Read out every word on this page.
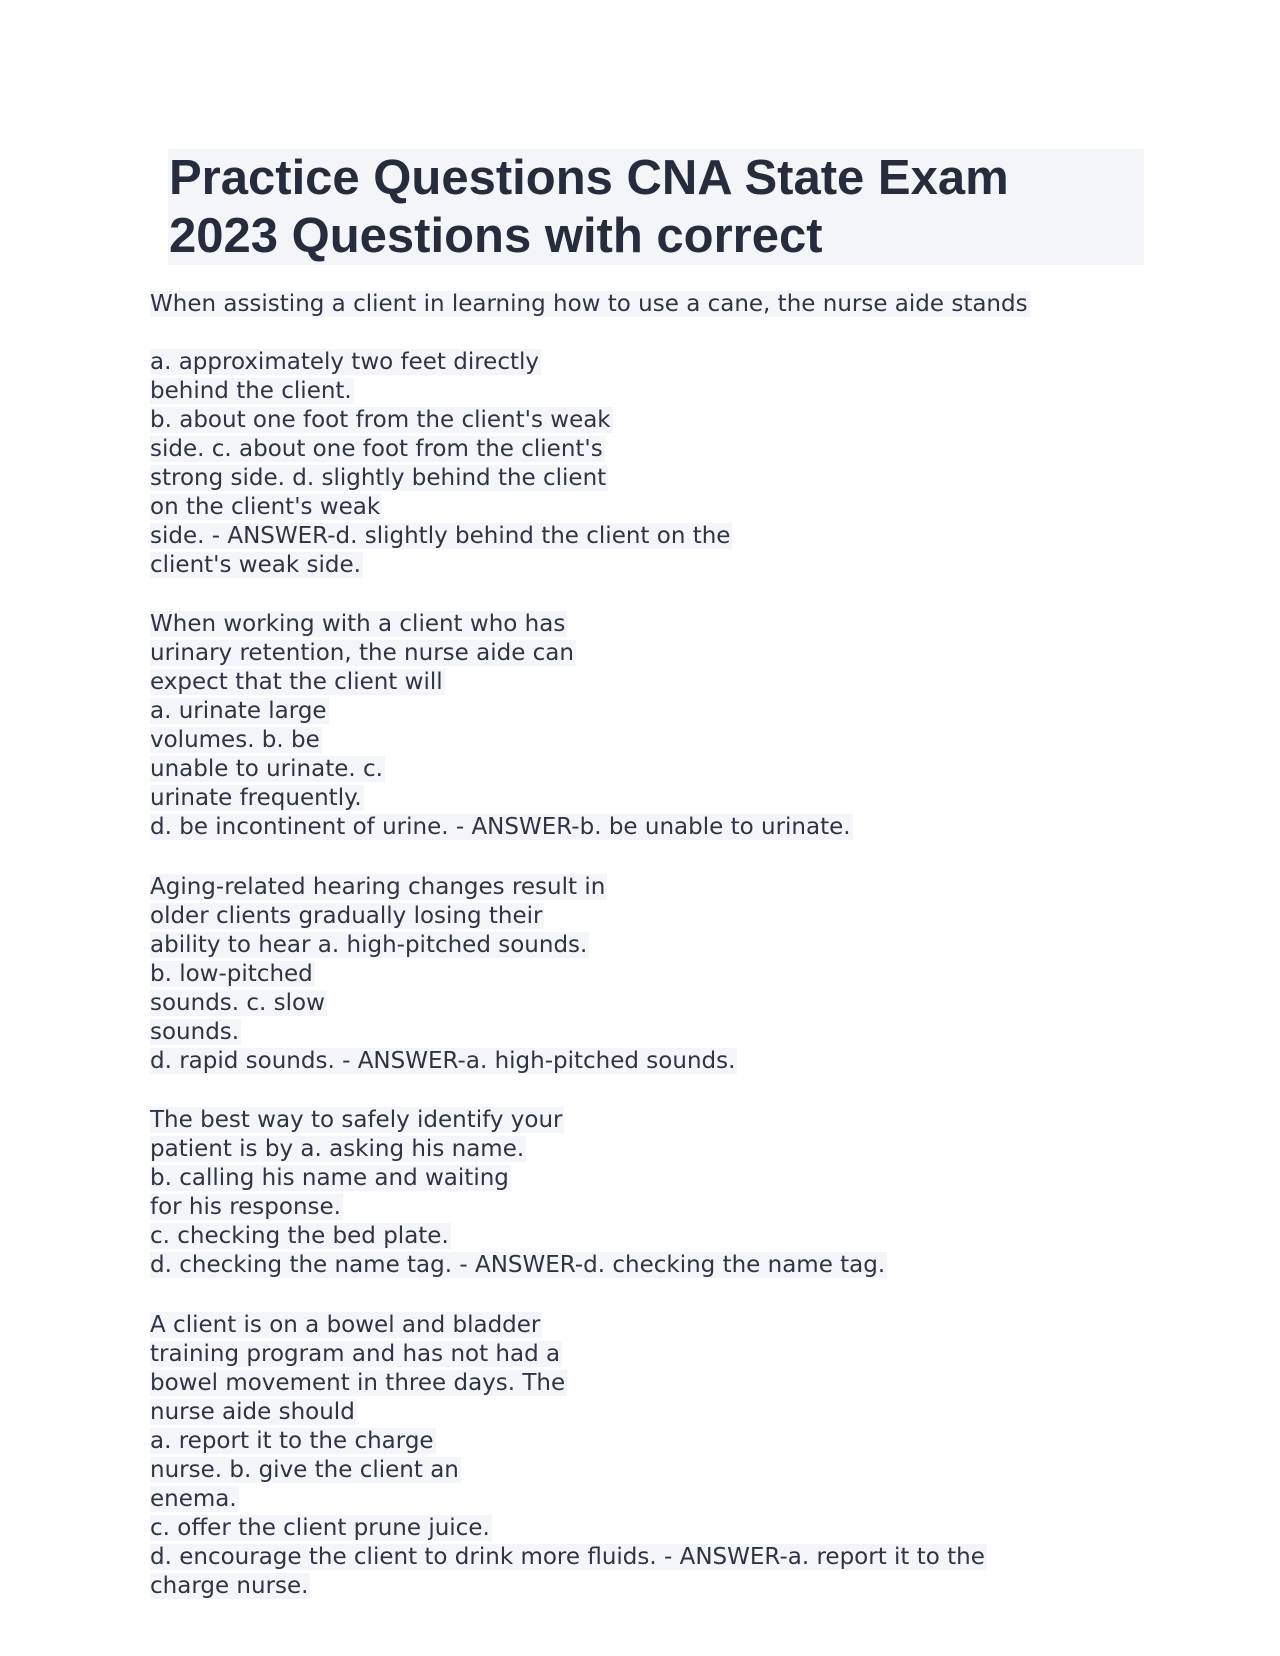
Practice Questions CNA State Exam
2023 Questions with correct
When assisting a client in learning how to use a cane, the nurse aide stands
a. approximately two feet directly
behind the client.
b. about one foot from the client's weak
side. c. about one foot from the client's
strong side. d. slightly behind the client
on the client's weak
side. - ANSWER-d. slightly behind the client on the
client's weak side.
When working with a client who has
urinary retention, the nurse aide can
expect that the client will
a. urinate large
volumes. b. be
unable to urinate. c.
urinate frequently.
d. be incontinent of urine. - ANSWER-b. be unable to urinate.
Aging-related hearing changes result in
older clients gradually losing their
ability to hear a. high-pitched sounds.
b. low-pitched
sounds. c. slow
sounds.
d. rapid sounds. - ANSWER-a. high-pitched sounds.
The best way to safely identify your
patient is by a. asking his name.
b. calling his name and waiting
for his response.
c. checking the bed plate.
d. checking the name tag. - ANSWER-d. checking the name tag.
A client is on a bowel and bladder
training program and has not had a
bowel movement in three days. The
nurse aide should
a. report it to the charge
nurse. b. give the client an
enema.
c. offer the client prune juice.
d. encourage the client to drink more fluids. - ANSWER-a. report it to the
charge nurse.
